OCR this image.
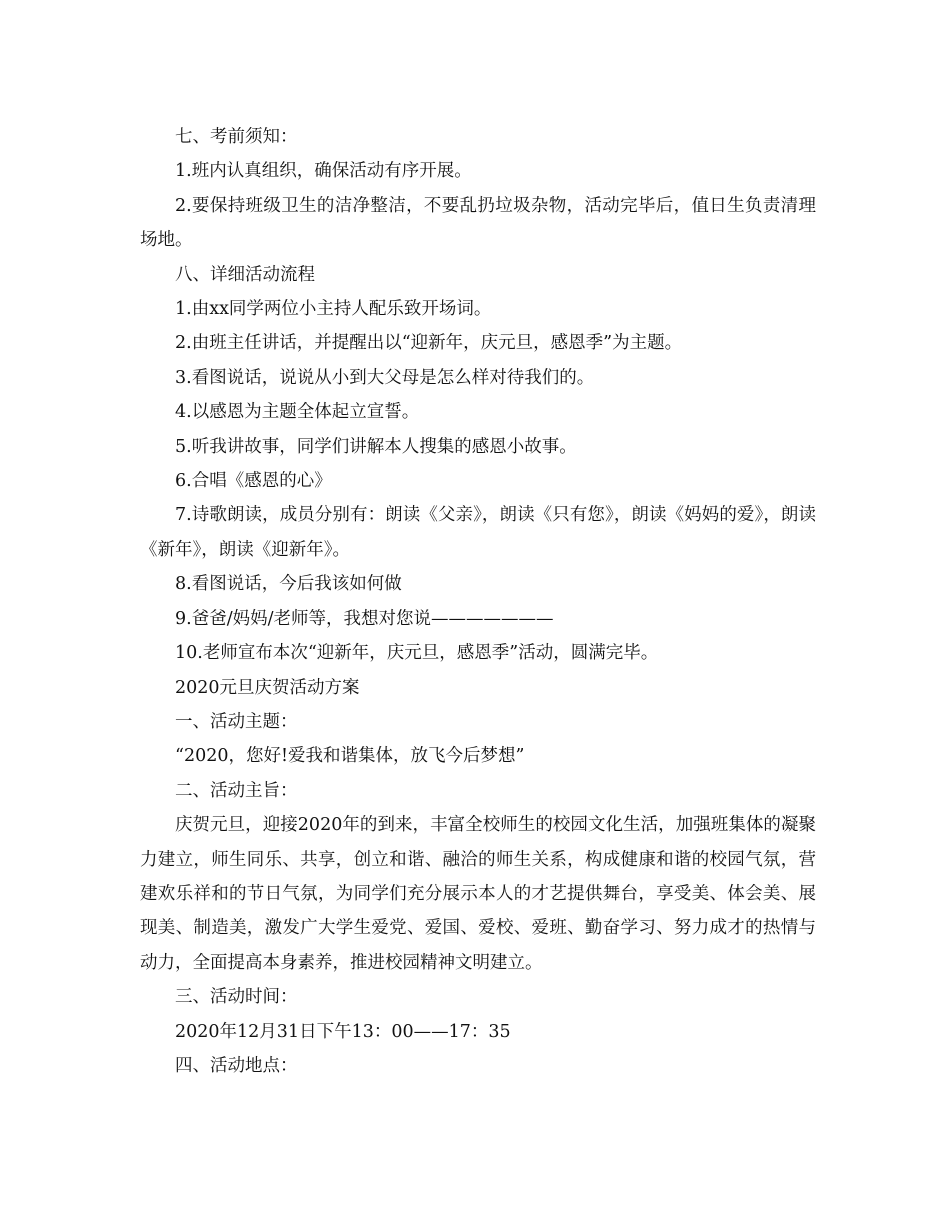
七、考前须知：

1.班内认真组织，确保活动有序开展。

2.要保持班级卫生的洁净整洁，不要乱扔垃圾杂物，活动完毕后，值日生负责清理场地。

八、详细活动流程

1.由xx同学两位小主持人配乐致开场词。

2.由班主任讲话，并提醒出以“迎新年，庆元旦，感恩季”为主题。

3.看图说话，说说从小到大父母是怎么样对待我们的。

4.以感恩为主题全体起立宣誓。

5.听我讲故事，同学们讲解本人搜集的感恩小故事。

6.合唱《感恩的心》

7.诗歌朗读，成员分别有：朗读《父亲》，朗读《只有您》，朗读《妈妈的爱》，朗读《新年》，朗读《迎新年》。

8.看图说话，今后我该如何做

9.爸爸/妈妈/老师等，我想对您说———————

10.老师宣布本次“迎新年，庆元旦，感恩季”活动，圆满完毕。

2020元旦庆贺活动方案

一、活动主题：

“2020，您好!爱我和谐集体，放飞今后梦想”

二、活动主旨：

庆贺元旦，迎接2020年的到来，丰富全校师生的校园文化生活，加强班集体的凝聚力建立，师生同乐、共享，创立和谐、融洽的师生关系，构成健康和谐的校园气氛，营建欢乐祥和的节日气氛，为同学们充分展示本人的才艺提供舞台，享受美、体会美、展现美、制造美，激发广大学生爱党、爱国、爱校、爱班、勤奋学习、努力成才的热情与动力，全面提高本身素养，推进校园精神文明建立。

三、活动时间：

2020年12月31日下午13：00——17：35

四、活动地点：
